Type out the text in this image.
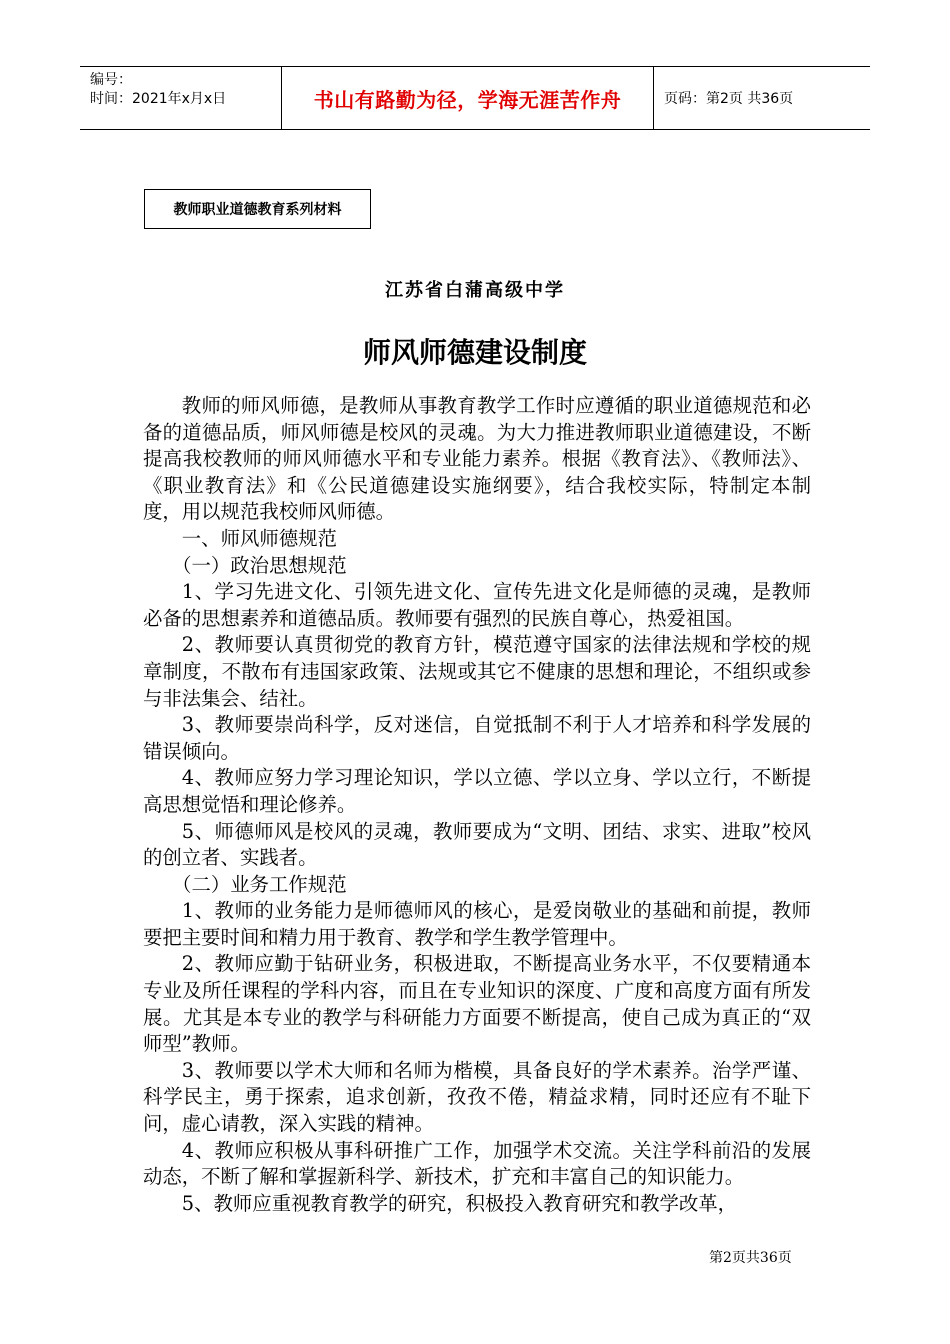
编号：
时间：2021年x月x日	书山有路勤为径，学海无涯苦作舟	页码：第2页 共36页
教师职业道德教育系列材料
江苏省白蒲高级中学
师风师德建设制度

教师的师风师德，是教师从事教育教学工作时应遵循的职业道德规范和必备的道德品质，师风师德是校风的灵魂。为大力推进教师职业道德建设，不断提高我校教师的师风师德水平和专业能力素养。根据《教育法》、《教师法》、《职业教育法》和《公民道德建设实施纲要》，结合我校实际，特制定本制度，用以规范我校师风师德。

一、师风师德规范

（一）政治思想规范

1、学习先进文化、引领先进文化、宣传先进文化是师德的灵魂，是教师必备的思想素养和道德品质。教师要有强烈的民族自尊心，热爱祖国。

2、教师要认真贯彻党的教育方针，模范遵守国家的法律法规和学校的规章制度，不散布有违国家政策、法规或其它不健康的思想和理论，不组织或参与非法集会、结社。

3、教师要崇尚科学，反对迷信，自觉抵制不利于人才培养和科学发展的错误倾向。

4、教师应努力学习理论知识，学以立德、学以立身、学以立行，不断提高思想觉悟和理论修养。

5、师德师风是校风的灵魂，教师要成为“文明、团结、求实、进取”校风的创立者、实践者。

（二）业务工作规范

1、教师的业务能力是师德师风的核心，是爱岗敬业的基础和前提，教师要把主要时间和精力用于教育、教学和学生教学管理中。

2、教师应勤于钻研业务，积极进取，不断提高业务水平，不仅要精通本专业及所任课程的学科内容，而且在专业知识的深度、广度和高度方面有所发展。尤其是本专业的教学与科研能力方面要不断提高，使自己成为真正的“双师型”教师。

3、教师要以学术大师和名师为楷模，具备良好的学术素养。治学严谨、科学民主，勇于探索，追求创新，孜孜不倦，精益求精，同时还应有不耻下问，虚心请教，深入实践的精神。

4、教师应积极从事科研推广工作，加强学术交流。关注学科前沿的发展动态，不断了解和掌握新科学、新技术，扩充和丰富自己的知识能力。

5、教师应重视教育教学的研究，积极投入教育研究和教学改革，

第2页共36页
